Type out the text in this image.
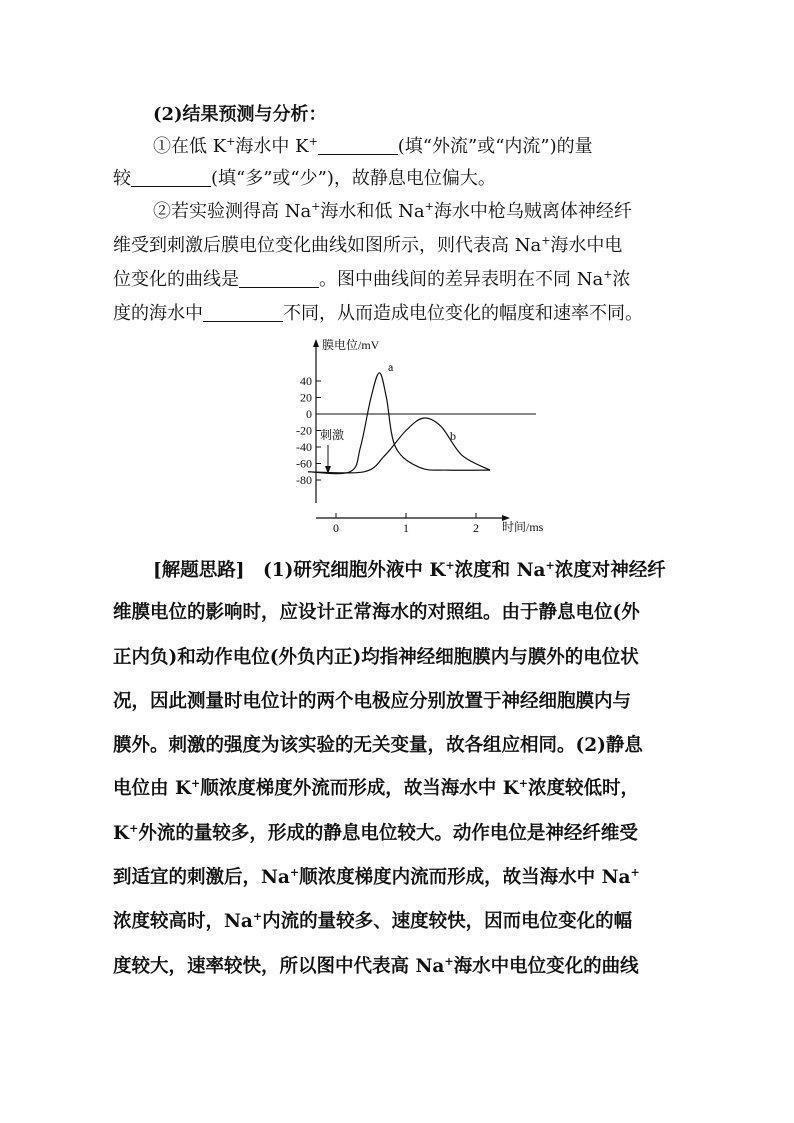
(2)结果预测与分析：
①在低 K+海水中 K+	(填“外流”或“内流”)的量
较	(填“多”或“少”)，故静息电位偏大。
②若实验测得高 Na+海水和低 Na+海水中枪乌贼离体神经纤
维受到刺激后膜电位变化曲线如图所示，则代表高 Na+海水中电
位变化的曲线是	。图中曲线间的差异表明在不同 Na+浓
度的海水中	不同，从而造成电位变化的幅度和速率不同。
膜电位/mV
时间/ms
40
20
0
-20
-40
-60
-80
0	1	2
刺激
a
b
[解题思路]　(1)研究细胞外液中 K+浓度和 Na+浓度对神经纤
维膜电位的影响时，应设计正常海水的对照组。由于静息电位(外
正内负)和动作电位(外负内正)均指神经细胞膜内与膜外的电位状
况，因此测量时电位计的两个电极应分别放置于神经细胞膜内与
膜外。刺激的强度为该实验的无关变量，故各组应相同。(2)静息
电位由 K+顺浓度梯度外流而形成，故当海水中 K+浓度较低时，
K+外流的量较多，形成的静息电位较大。动作电位是神经纤维受
到适宜的刺激后，Na+顺浓度梯度内流而形成，故当海水中 Na+
浓度较高时，Na+内流的量较多、速度较快，因而电位变化的幅
度较大，速率较快，所以图中代表高 Na+海水中电位变化的曲线
